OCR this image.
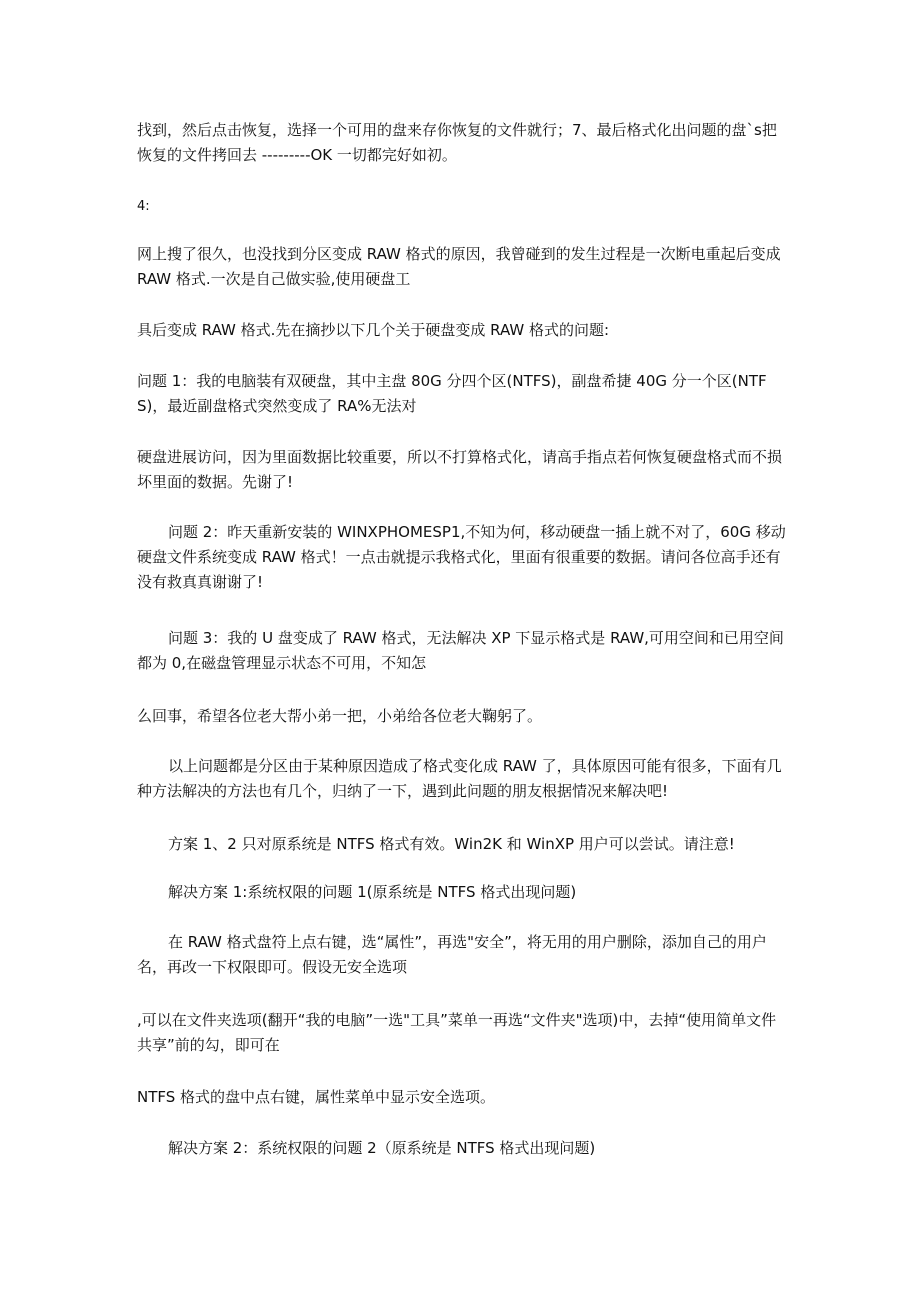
找到，然后点击恢复，选择一个可用的盘来存你恢复的文件就行；7、最后格式化出问题的盘`s把恢复的文件拷回去 ---------OK 一切都完好如初。

4:

网上搜了很久，也没找到分区变成 RAW 格式的原因，我曾碰到的发生过程是一次断电重起后变成 RAW 格式.一次是自己做实验,使用硬盘工

具后变成 RAW 格式.先在摘抄以下几个关于硬盘变成 RAW 格式的问题:

问题 1：我的电脑装有双硬盘，其中主盘 80G 分四个区(NTFS)，副盘希捷 40G 分一个区(NTFS)，最近副盘格式突然变成了 RA%无法对

硬盘进展访问，因为里面数据比较重要，所以不打算格式化，请高手指点若何恢复硬盘格式而不损坏里面的数据。先谢了!

问题 2：昨天重新安装的 WINXPHOMESP1,不知为何，移动硬盘一插上就不对了，60G 移动硬盘文件系统变成 RAW 格式！一点击就提示我格式化，里面有很重要的数据。请问各位高手还有没有救真真谢谢了!

问题 3：我的 U 盘变成了 RAW 格式，无法解决 XP 下显示格式是 RAW,可用空间和已用空间都为 0,在磁盘管理显示状态不可用，不知怎

么回事，希望各位老大帮小弟一把，小弟给各位老大鞠躬了。

以上问题都是分区由于某种原因造成了格式变化成 RAW 了，具体原因可能有很多，下面有几种方法解决的方法也有几个，归纳了一下，遇到此问题的朋友根据情况来解决吧!

方案 1、2 只对原系统是 NTFS 格式有效。Win2K 和 WinXP 用户可以尝试。请注意!

解决方案 1:系统权限的问题 1(原系统是 NTFS 格式出现问题)

在 RAW 格式盘符上点右键，选“属性”，再选"安全”，将无用的用户删除，添加自己的用户名，再改一下权限即可。假设无安全选项

,可以在文件夹选项(翻开“我的电脑”一选"工具”菜单一再选“文件夹"选项)中，去掉“使用简单文件共享”前的勾，即可在

NTFS 格式的盘中点右键，属性菜单中显示安全选项。

解决方案 2：系统权限的问题 2（原系统是 NTFS 格式出现问题)
